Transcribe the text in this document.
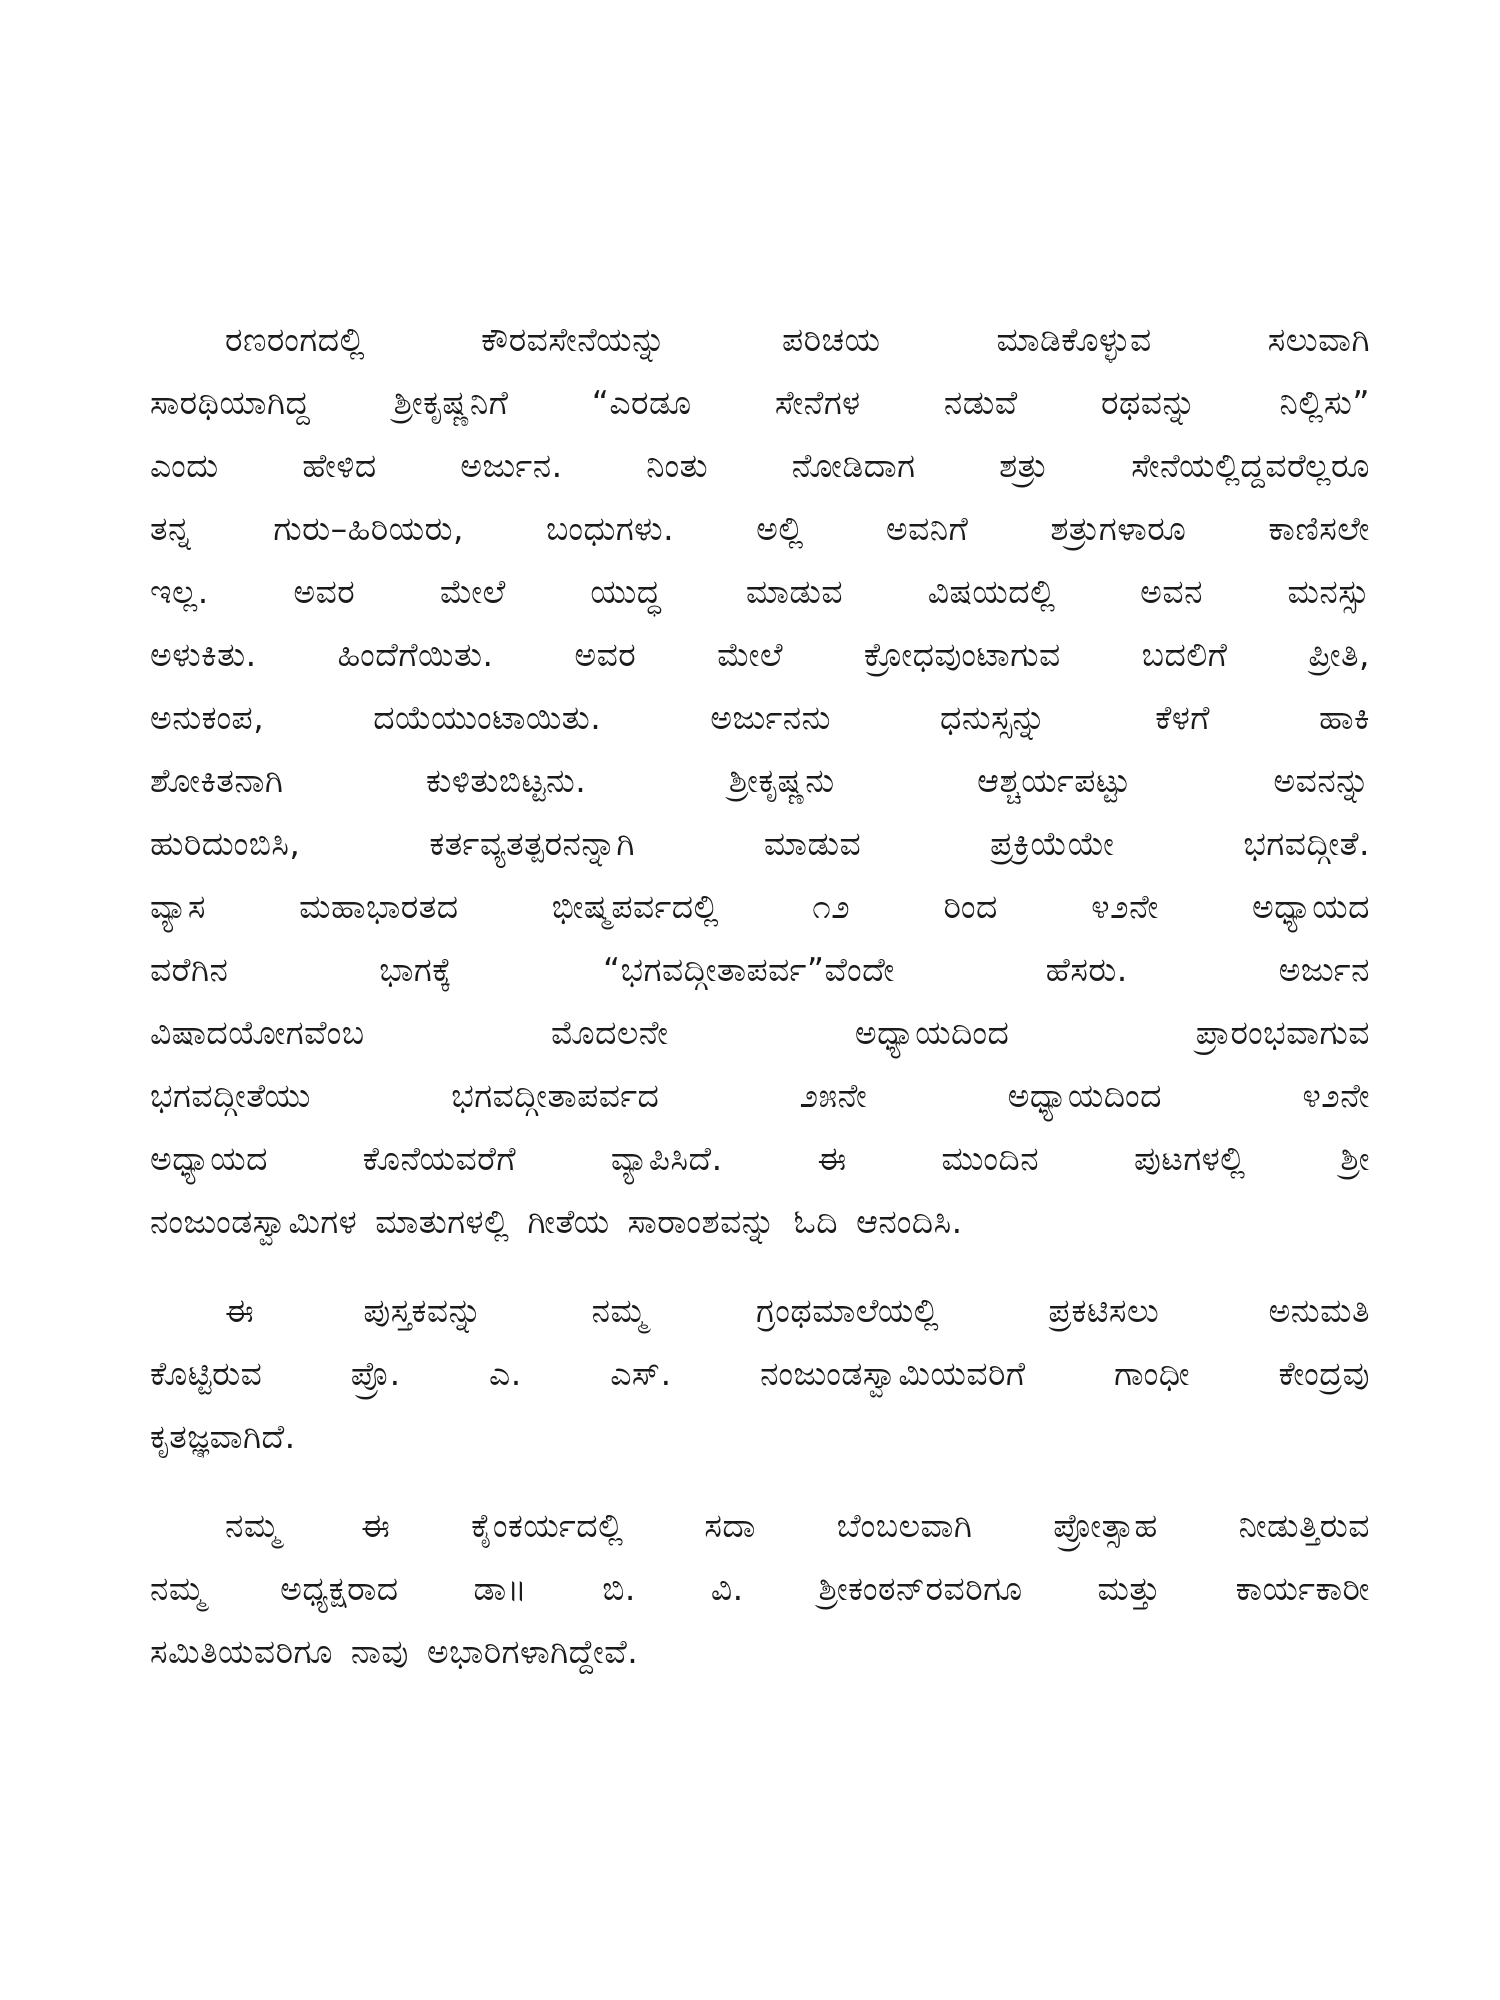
ರಣರಂಗದಲ್ಲಿ	ಕೌರವಸೇನೆಯನ್ನು	ಪರಿಚಯ	ಮಾಡಿಕೊಳ್ಳುವ	ಸಲುವಾಗಿ
ಸಾರಥಿಯಾಗಿದ್ದ	ಶ್ರೀಕೃಷ್ಣನಿಗೆ	“ಎರಡೂ	ಸೇನೆಗಳ	ನಡುವೆ	ರಥವನ್ನು	ನಿಲ್ಲಿಸು”
ಎಂದು	ಹೇಳಿದ	ಅರ್ಜುನ.	ನಿಂತು	ನೋಡಿದಾಗ	ಶತ್ರು	ಸೇನೆಯಲ್ಲಿದ್ದವರೆಲ್ಲರೂ
ತನ್ನ ಗುರು–ಹಿರಿಯರು, ಬಂಧುಗಳು. ಅಲ್ಲಿ ಅವನಿಗೆ ಶತ್ರುಗಳಾರೂ ಕಾಣಿಸಲೇ
ಇಲ್ಲ.	ಅವರ	ಮೇಲೆ	ಯುದ್ಧ	ಮಾಡುವ	ವಿಷಯದಲ್ಲಿ	ಅವನ	ಮನಸ್ಸು
ಅಳುಕಿತು. ಹಿಂದೆಗೆಯಿತು. ಅವರ ಮೇಲೆ ಕ್ರೋಧವುಂಟಾಗುವ ಬದಲಿಗೆ ಪ್ರೀತಿ,
ಅನುಕಂಪ,	ದಯೆಯುಂಟಾಯಿತು.	ಅರ್ಜುನನು	ಧನುಸ್ಸನ್ನು	ಕೆಳಗೆ	ಹಾಕಿ
ಶೋಕಿತನಾಗಿ	ಕುಳಿತುಬಿಟ್ಟನು.	ಶ್ರೀಕೃಷ್ಣನು	ಆಶ್ಚರ್ಯಪಟ್ಟು	ಅವನನ್ನು
ಹುರಿದುಂಬಿಸಿ,	ಕರ್ತವ್ಯತತ್ಪರನನ್ನಾಗಿ	ಮಾಡುವ	ಪ್ರಕ್ರಿಯೆಯೇ	ಭಗವದ್ಗೀತೆ.
ವ್ಯಾಸ	ಮಹಾಭಾರತದ	ಭೀಷ್ಮಪರ್ವದಲ್ಲಿ	೧೨	ರಿಂದ	೪೨ನೇ	ಅಧ್ಯಾಯದ
ವರೆಗಿನ	ಭಾಗಕ್ಕೆ	“ಭಗವದ್ಗೀತಾಪರ್ವ”ವೆಂದೇ	ಹೆಸರು.	ಅರ್ಜುನ
ವಿಷಾದಯೋಗವೆಂಬ	ಮೊದಲನೇ	ಅಧ್ಯಾಯದಿಂದ	ಪ್ರಾರಂಭವಾಗುವ
ಭಗವದ್ಗೀತೆಯು	ಭಗವದ್ಗೀತಾಪರ್ವದ	೨೫ನೇ	ಅಧ್ಯಾಯದಿಂದ	೪೨ನೇ
ಅಧ್ಯಾಯದ	ಕೊನೆಯವರೆಗೆ	ವ್ಯಾಪಿಸಿದೆ.	ಈ	ಮುಂದಿನ	ಪುಟಗಳಲ್ಲಿ	ಶ್ರೀ
ನಂಜುಂಡಸ್ವಾಮಿಗಳ ಮಾತುಗಳಲ್ಲಿ ಗೀತೆಯ ಸಾರಾಂಶವನ್ನು ಓದಿ ಆನಂದಿಸಿ.
ಈ	ಪುಸ್ತಕವನ್ನು	ನಮ್ಮ	ಗ್ರಂಥಮಾಲೆಯಲ್ಲಿ	ಪ್ರಕಟಿಸಲು	ಅನುಮತಿ
ಕೊಟ್ಟಿರುವ	ಪ್ರೊ.	ಎ.	ಎಸ್.	ನಂಜುಂಡಸ್ವಾಮಿಯವರಿಗೆ	ಗಾಂಧೀ	ಕೇಂದ್ರವು
ಕೃತಜ್ಞವಾಗಿದೆ.
ನಮ್ಮ ಈ ಕೈಂಕರ್ಯದಲ್ಲಿ ಸದಾ ಬೆಂಬಲವಾಗಿ ಪ್ರೋತ್ಸಾಹ ನೀಡುತ್ತಿರುವ
ನಮ್ಮ ಅಧ್ಯಕ್ಷರಾದ ಡಾ॥ ಬಿ. ವಿ. ಶ್ರೀಕಂಠನ್‌ರವರಿಗೂ ಮತ್ತು ಕಾರ್ಯಕಾರೀ
ಸಮಿತಿಯವರಿಗೂ ನಾವು ಅಭಾರಿಗಳಾಗಿದ್ದೇವೆ.
